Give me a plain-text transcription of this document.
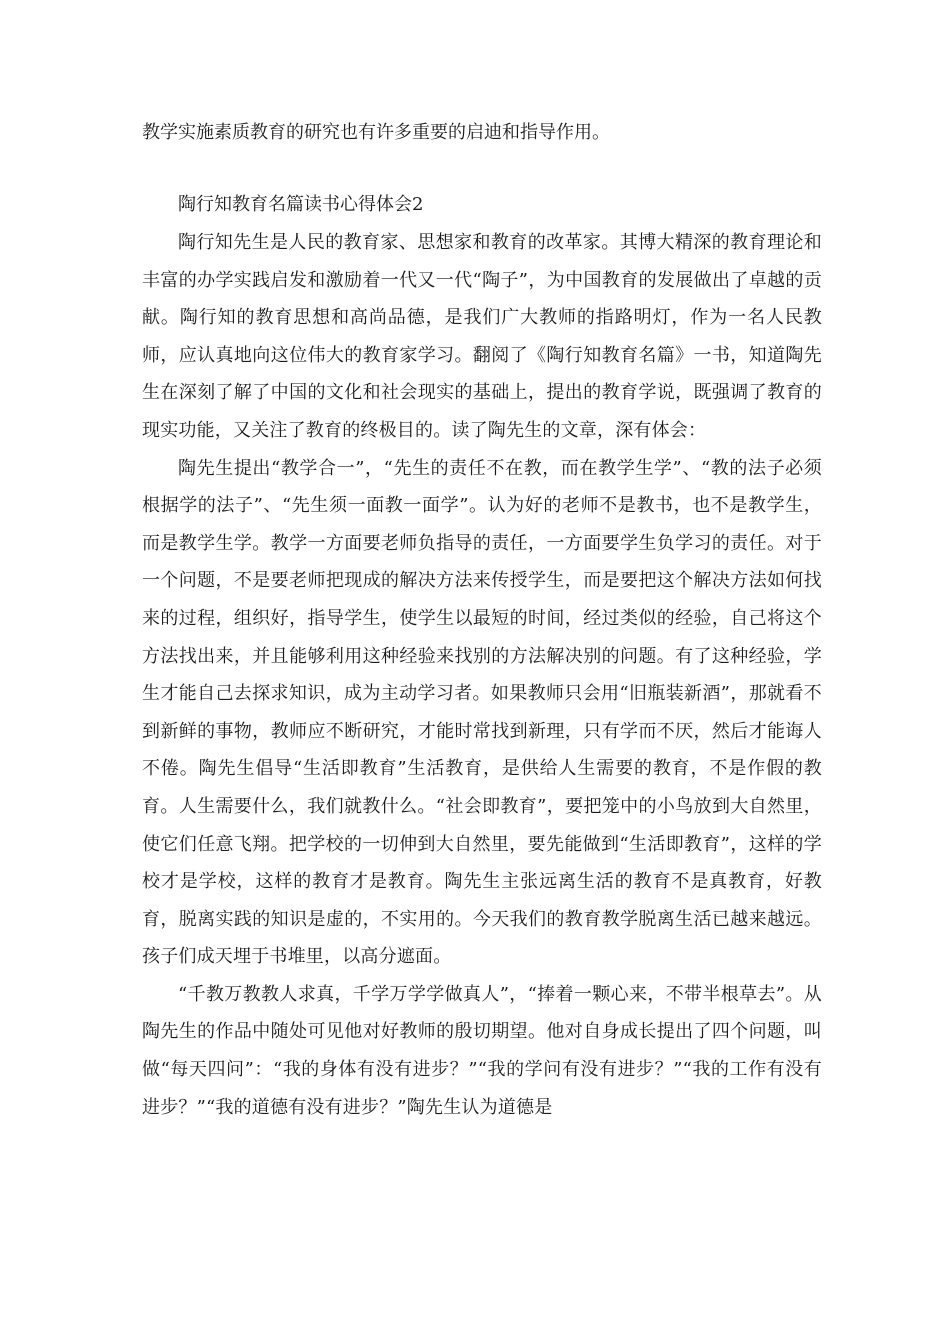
教学实施素质教育的研究也有许多重要的启迪和指导作用。

陶行知教育名篇读书心得体会2

陶行知先生是人民的教育家、思想家和教育的改革家。其博大精深的教育理论和丰富的办学实践启发和激励着一代又一代“陶子”，为中国教育的发展做出了卓越的贡献。陶行知的教育思想和高尚品德，是我们广大教师的指路明灯，作为一名人民教师，应认真地向这位伟大的教育家学习。翻阅了《陶行知教育名篇》一书，知道陶先生在深刻了解了中国的文化和社会现实的基础上，提出的教育学说，既强调了教育的现实功能，又关注了教育的终极目的。读了陶先生的文章，深有体会：

陶先生提出“教学合一”，“先生的责任不在教，而在教学生学”、“教的法子必须根据学的法子”、“先生须一面教一面学”。认为好的老师不是教书，也不是教学生，而是教学生学。教学一方面要老师负指导的责任，一方面要学生负学习的责任。对于一个问题，不是要老师把现成的解决方法来传授学生，而是要把这个解决方法如何找来的过程，组织好，指导学生，使学生以最短的时间，经过类似的经验，自己将这个方法找出来，并且能够利用这种经验来找别的方法解决别的问题。有了这种经验，学生才能自己去探求知识，成为主动学习者。如果教师只会用“旧瓶装新酒”，那就看不到新鲜的事物，教师应不断研究，才能时常找到新理，只有学而不厌，然后才能诲人不倦。陶先生倡导“生活即教育”生活教育，是供给人生需要的教育，不是作假的教育。人生需要什么，我们就教什么。“社会即教育”，要把笼中的小鸟放到大自然里，使它们任意飞翔。把学校的一切伸到大自然里，要先能做到“生活即教育”，这样的学校才是学校，这样的教育才是教育。陶先生主张远离生活的教育不是真教育，好教育，脱离实践的知识是虚的，不实用的。今天我们的教育教学脱离生活已越来越远。孩子们成天埋于书堆里，以高分遮面。

“千教万教教人求真，千学万学学做真人”，“捧着一颗心来，不带半根草去”。从陶先生的作品中随处可见他对好教师的殷切期望。他对自身成长提出了四个问题，叫做“每天四问”：“我的身体有没有进步？”“我的学问有没有进步？”“我的工作有没有进步？”“我的道德有没有进步？”陶先生认为道德是
